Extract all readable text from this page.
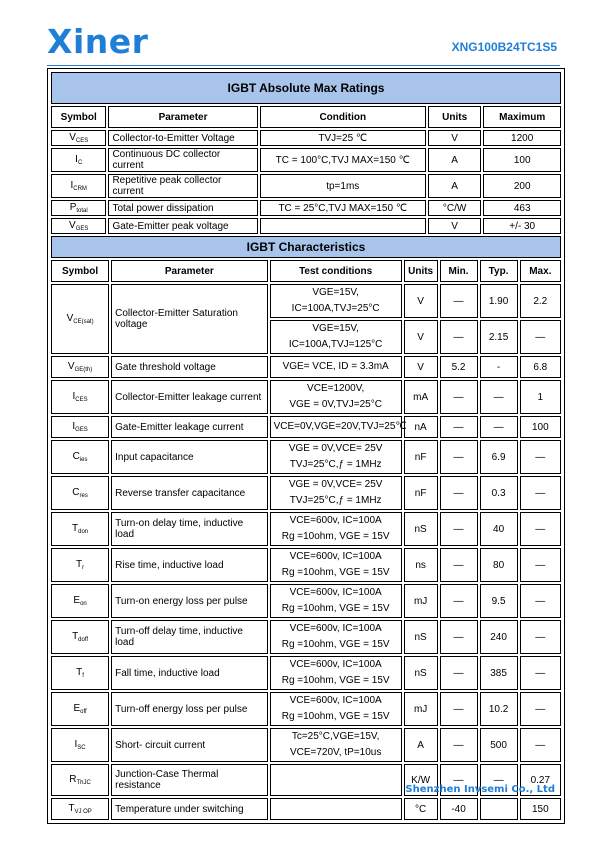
Xiner	XNG100B24TC1S5
IGBT Absolute Max Ratings				
Symbol	Parameter	Condition	Units	Maximum
$V_{CES}$	Collector-to-Emitter Voltage	TVJ=25 ℃	V	1200
$I_C$	Continuous DC collector current	TC = 100°C,TVJ MAX=150 ℃	A	100
$I_{CRM}$	Repetitive peak collector current	tp=1ms	A	200
$P_{total}$	Total power dissipation	TC = 25°C,TVJ MAX=150 ℃	°C/W	463
$V_{GES}$	Gate-Emitter peak voltage		V	+/- 30
IGBT Characteristics						
Symbol	Parameter	Test conditions	Units	Min.	Typ.	Max.
$V_{CE(sat)}$	Collector-Emitter Saturation voltage	VGE=15V,
IC=100A,TVJ=25°C	V	—	1.90	2.2

		VGE=15V,
IC=100A,TVJ=125°C	V	—	2.15	—
$V_{GE(th)}$	Gate threshold voltage	VGE= VCE, ID = 3.3mA	V	5.2	-	6.8
$I_{CES}$	Collector-Emitter leakage current	VCE=1200V,
VGE = 0V,TVJ=25°C	mA	—	—	1
$I_{GES}$	Gate-Emitter leakage current	VCE=0V,VGE=20V,TVJ=25℃	nA	—	—	100
$C_{ies}$	Input capacitance	VGE = 0V,VCE= 25V
TVJ=25°C,ƒ = 1MHz	nF	—	6.9	—
$C_{res}$	Reverse transfer capacitance	VGE = 0V,VCE= 25V
TVJ=25°C,ƒ = 1MHz	nF	—	0.3	—
$T_{don}$	Turn-on delay time, inductive load	VCE=600v, IC=100A
Rg =10ohm, VGE = 15V	nS	—	40	—
$T_r$	Rise time, inductive load	VCE=600v, IC=100A
Rg =10ohm, VGE = 15V	ns	—	80	—
$E_{on}$	Turn-on energy loss per pulse	VCE=600v, IC=100A
Rg =10ohm, VGE = 15V	mJ	—	9.5	—
$T_{doff}$	Turn-off delay time, inductive load	VCE=600v, IC=100A
Rg =10ohm, VGE = 15V	nS	—	240	—
$T_f$	Fall time, inductive load	VCE=600v, IC=100A
Rg =10ohm, VGE = 15V	nS	—	385	—
$E_{off}$	Turn-off energy loss per pulse	VCE=600v, IC=100A
Rg =10ohm, VGE = 15V	mJ	—	10.2	—
$I_{SC}$	Short- circuit current	Tc=25°C,VGE=15V,
VCE=720V, tP=10us	A	—	500	—
$R_{ThJC}$	Junction-Case Thermal resistance		K/W	—	—	0.27
$T_{VJ OP}$	Temperature under switching		°C	-40		150
Shenzhen Invsemi Co., Ltd
